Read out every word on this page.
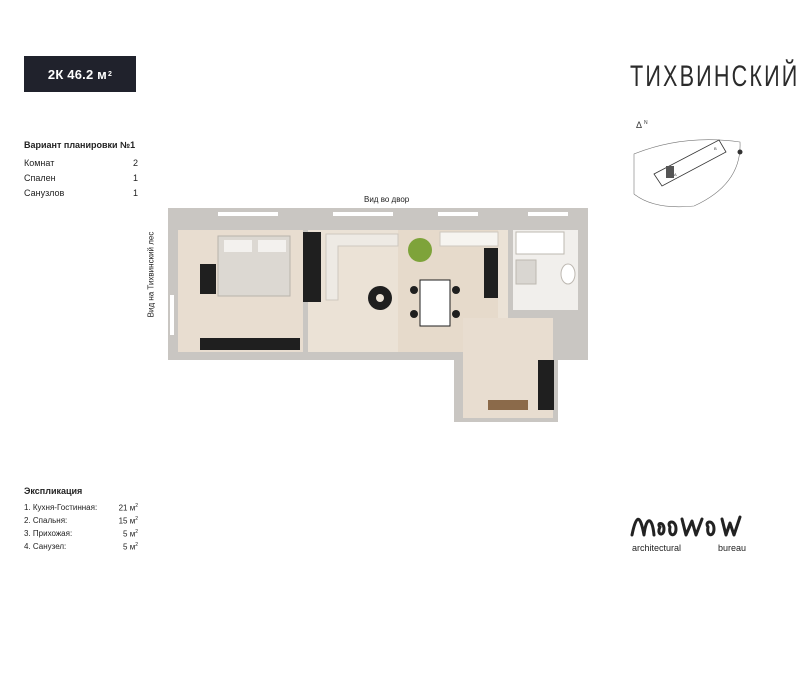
2К 46.2 м 2	ТИХВИНСКИЙ
Вариант планировки №1
Комнат	2
Спален	1
Санузлов	1
Вид во двор
Вид на Тихвинский лес
Δ N
A
B
Экспликация
1. Кухня-Гостинная:	21 $м^2$
2. Спальня:	15 $м^2$
3. Прихожая:	5 $м^2$
4. Санузел:	5 $м^2$	architectural	bureau
